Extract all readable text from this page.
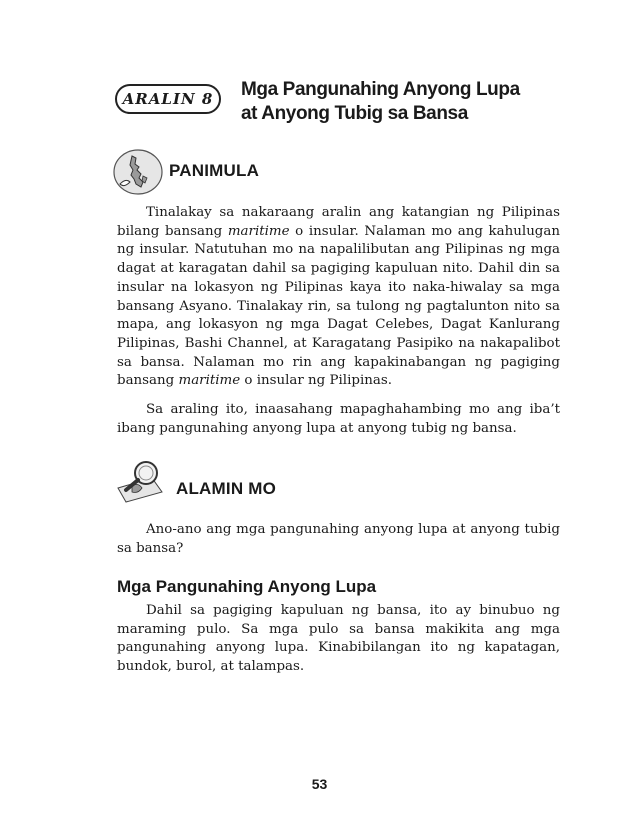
ARALIN 8 Mga Pangunahing Anyong Lupa
at Anyong Tubig sa Bansa
PANIMULA

Tinalakay sa nakaraang aralin ang katangian ng Pilipinas bilang bansang maritime o insular. Nalaman mo ang kahulugan ng insular. Natutuhan mo na napalilibutan ang Pilipinas ng mga dagat at karagatan dahil sa pagiging kapuluan nito. Dahil din sa insular na lokasyon ng Pilipinas kaya ito naka-hiwalay sa mga bansang Asyano. Tinalakay rin, sa tulong ng pagtalunton nito sa mapa, ang lokasyon ng mga Dagat Celebes, Dagat Kanlurang Pilipinas, Bashi Channel, at Karagatang Pasipiko na nakapalibot sa bansa. Nalaman mo rin ang kapakinabangan ng pagiging bansang maritime o insular ng Pilipinas.

Sa araling ito, inaasahang mapaghahambing mo ang iba’t ibang pangunahing anyong lupa at anyong tubig ng bansa.

ALAMIN MO

Ano-ano ang mga pangunahing anyong lupa at anyong tubig sa bansa?

Mga Pangunahing Anyong Lupa

Dahil sa pagiging kapuluan ng bansa, ito ay binubuo ng maraming pulo. Sa mga pulo sa bansa makikita ang mga pangunahing anyong lupa. Kinabibilangan ito ng kapatagan, bundok, burol, at talampas.

53
